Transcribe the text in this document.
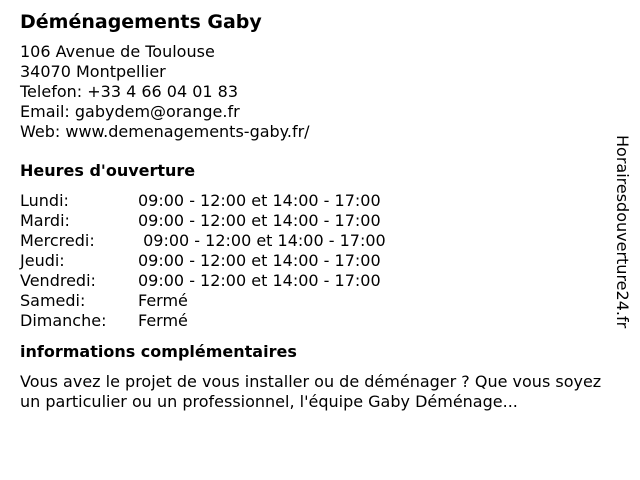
Déménagements Gaby
106 Avenue de Toulouse
34070 Montpellier
Telefon: +33 4 66 04 01 83
Email: gabydem@orange.fr
Web: www.demenagements-gaby.fr/
Heures d'ouverture
Lundi:	09:00 - 12:00 et 14:00 - 17:00
Mardi:	09:00 - 12:00 et 14:00 - 17:00
Mercredi:	09:00 - 12:00 et 14:00 - 17:00
Jeudi:	09:00 - 12:00 et 14:00 - 17:00
Vendredi:	09:00 - 12:00 et 14:00 - 17:00
Samedi:	Fermé
Dimanche:	Fermé
informations complémentaires

Vous avez le projet de vous installer ou de déménager ? Que vous soyez un particulier ou un professionnel, l'équipe Gaby Déménage...

Horairesdouverture24.fr
